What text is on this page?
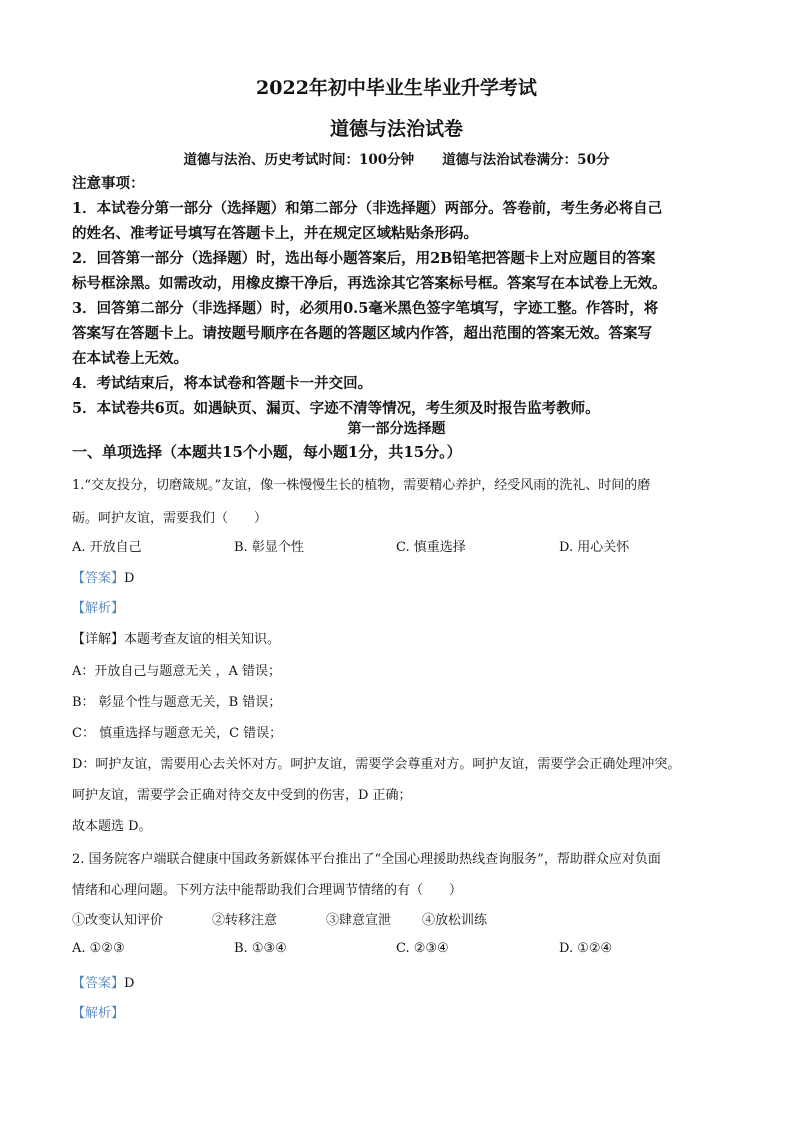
2022年初中毕业生毕业升学考试
道德与法治试卷
道德与法治、历史考试时间：100分钟 道德与法治试卷满分：50分
注意事项：
1．本试卷分第一部分（选择题）和第二部分（非选择题）两部分。答卷前，考生务必将自己
的姓名、准考证号填写在答题卡上，并在规定区域粘贴条形码。
2．回答第一部分（选择题）时，选出每小题答案后，用2B铅笔把答题卡上对应题目的答案
标号框涂黑。如需改动，用橡皮擦干净后，再选涂其它答案标号框。答案写在本试卷上无效。
3．回答第二部分（非选择题）时，必须用0.5毫米黑色签字笔填写，字迹工整。作答时，将
答案写在答题卡上。请按题号顺序在各题的答题区域内作答，超出范围的答案无效。答案写
在本试卷上无效。
4．考试结束后，将本试卷和答题卡一并交回。
5．本试卷共6页。如遇缺页、漏页、字迹不清等情况，考生须及时报告监考教师。
第一部分选择题
一、单项选择（本题共15个小题，每小题1分，共15分。）
1.“交友投分，切磨箴规。”友谊，像一株慢慢生长的植物，需要精心养护，经受风雨的洗礼、时间的磨
砺。呵护友谊，需要我们（　　）
A. 开放自己	B. 彰显个性	C. 慎重选择	D. 用心关怀
【答案】D
【解析】
【详解】本题考查友谊的相关知识。
A：开放自己与题意无关 ，A 错误；
B： 彰显个性与题意无关，B 错误；
C： 慎重选择与题意无关，C 错误；
D：呵护友谊，需要用心去关怀对方。呵护友谊，需要学会尊重对方。呵护友谊，需要学会正确处理冲突。
呵护友谊，需要学会正确对待交友中受到的伤害，D 正确；
故本题选 D。
2. 国务院客户端联合健康中国政务新媒体平台推出了“全国心理援助热线查询服务”，帮助群众应对负面
情绪和心理问题。下列方法中能帮助我们合理调节情绪的有（　　）
①改变认知评价	②转移注意	③肆意宣泄 ④放松训练
A. ①②③	B. ①③④	C. ②③④	D. ①②④
【答案】D
【解析】
